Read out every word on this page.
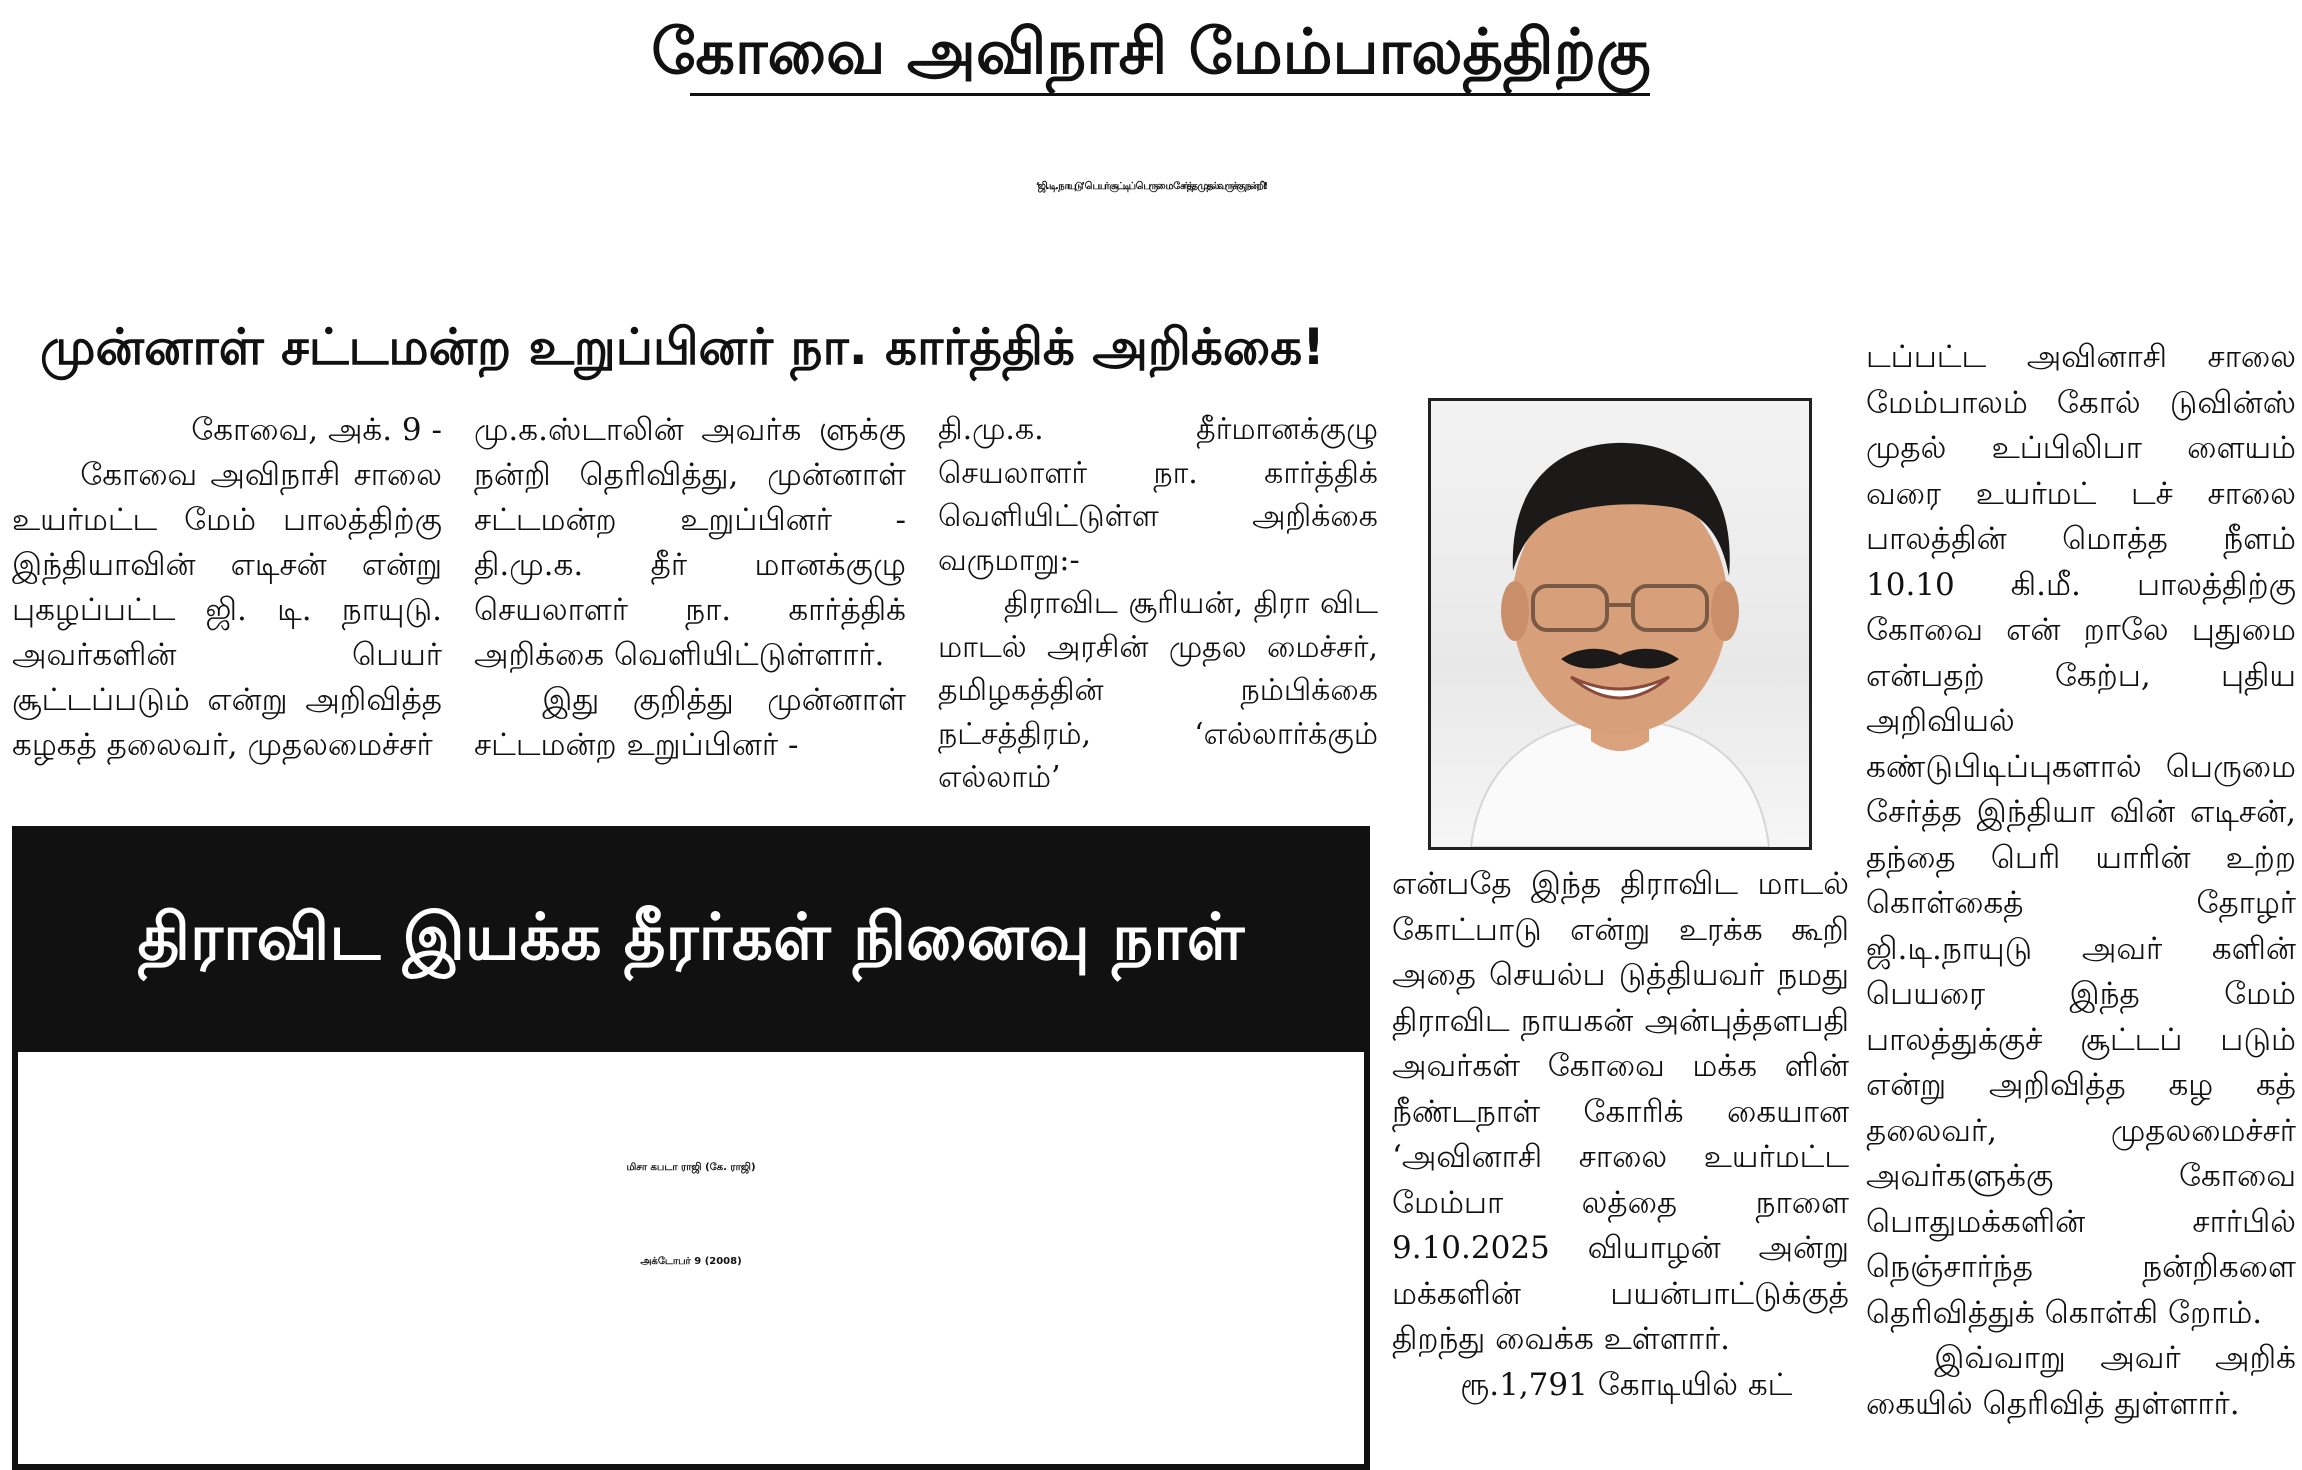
கோவை அவிநாசி மேம்பாலத்திற்கு
‘ஜி. டி. நாயுடு’ பெயர் சூட்டிப் பெருமை சேர்த்த முதல்வருக்கு நன்றி!
முன்னாள் சட்டமன்ற உறுப்பினர் நா. கார்த்திக் அறிக்கை!

கோவை, அக். 9 -

கோவை அவிநாசி சாலை உயர்மட்ட மேம் பாலத்திற்கு இந்தியாவின் எடிசன் என்று புகழப்பட்ட ஜி. டி. நாயுடு. அவர்களின் பெயர் சூட்டப்படும் என்று அறிவித்த கழகத் தலைவர், முதலமைச்சர்

மு.க.ஸ்டாலின் அவர்க ளுக்கு நன்றி தெரிவித்து, முன்னாள் சட்டமன்ற உறுப்பினர் - தி.மு.க. தீர் மானக்குழு செயலாளர் நா. கார்த்திக் அறிக்கை வெளியிட்டுள்ளார்.

இது குறித்து முன்னாள் சட்டமன்ற உறுப்பினர் -

தி.மு.க. தீர்மானக்குழு செயலாளர் நா. கார்த்திக் வெளியிட்டுள்ள அறிக்கை வருமாறு:-

திராவிட சூரியன், திரா விட மாடல் அரசின் முதல மைச்சர், தமிழகத்தின் நம்பிக்கை நட்சத்திரம், ‘எல்லார்க்கும் எல்லாம்’

என்பதே இந்த திராவிட மாடல் கோட்பாடு என்று உரக்க கூறி அதை செயல்ப டுத்தியவர் நமது திராவிட நாயகன் அன்புத்தளபதி அவர்கள் கோவை மக்க ளின் நீண்டநாள் கோரிக் கையான ‘அவினாசி சாலை உயர்மட்ட மேம்பா லத்தை நாளை 9.10.2025 வியாழன் அன்று மக்களின் பயன்பாட்டுக்குத் திறந்து வைக்க உள்ளார்.

ரூ.1,791 கோடியில் கட்

டப்பட்ட அவினாசி சாலை மேம்பாலம் கோல் டுவின்ஸ் முதல் உப்பிலிபா ளையம் வரை உயர்மட் டச் சாலை பாலத்தின் மொத்த நீளம் 10.10 கி.மீ. பாலத்திற்கு கோவை என் றாலே புதுமை என்பதற் கேற்ப, புதிய அறிவியல் கண்டுபிடிப்புகளால் பெருமை சேர்த்த இந்தியா வின் எடிசன், தந்தை பெரி யாரின் உற்ற கொள்கைத் தோழர் ஜி.டி.நாயுடு அவர் களின் பெயரை இந்த மேம் பாலத்துக்குச் சூட்டப் படும் என்று அறிவித்த கழ கத் தலைவர், முதலமைச்சர் அவர்களுக்கு கோவை பொதுமக்களின் சார்பில் நெஞ்சார்ந்த நன்றிகளை தெரிவித்துக் கொள்கி றோம்.

இவ்வாறு அவர் அறிக் கையில் தெரிவித் துள்ளார்.

திராவிட இயக்க தீரர்கள் நினைவு நாள்
மிசா கபடா ராஜி (கே. ராஜி)
அக்டோபர் 9 (2008)
